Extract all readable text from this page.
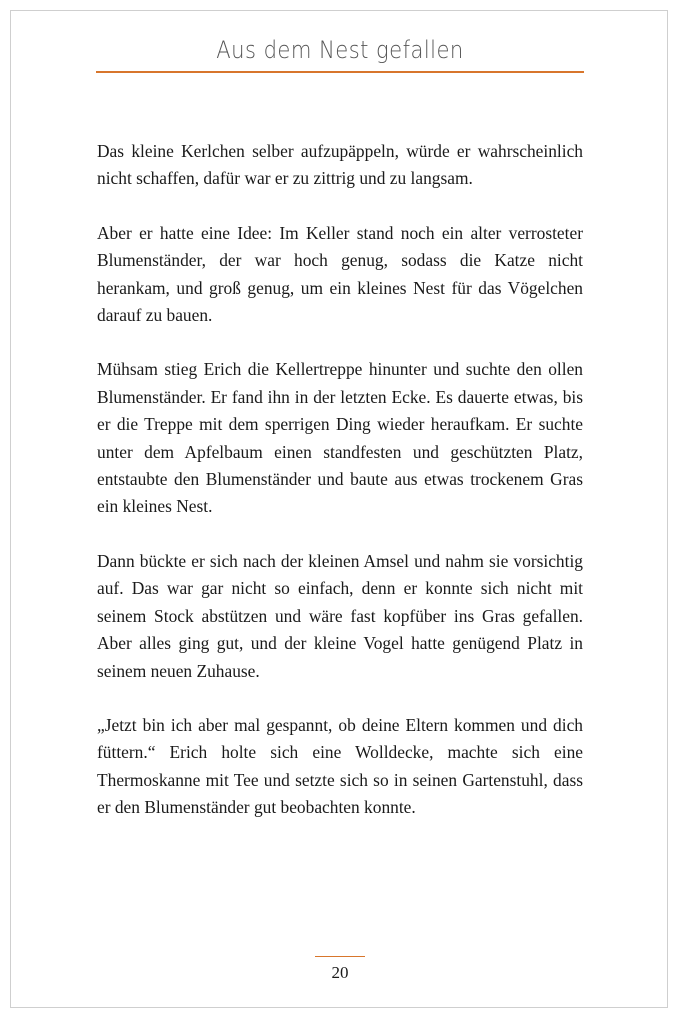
Aus dem Nest gefallen

Das kleine Kerlchen selber aufzupäppeln, würde er wahrscheinlich nicht schaffen, dafür war er zu zittrig und zu langsam.

Aber er hatte eine Idee: Im Keller stand noch ein alter verrosteter Blumenständer, der war hoch genug, sodass die Katze nicht herankam, und groß genug, um ein kleines Nest für das Vögelchen darauf zu bauen.

Mühsam stieg Erich die Kellertreppe hinunter und suchte den ollen Blumenständer. Er fand ihn in der letzten Ecke. Es dauerte etwas, bis er die Treppe mit dem sperrigen Ding wieder heraufkam. Er suchte unter dem Apfelbaum einen standfesten und geschützten Platz, entstaubte den Blumenständer und baute aus etwas trockenem Gras ein kleines Nest.

Dann bückte er sich nach der kleinen Amsel und nahm sie vorsichtig auf. Das war gar nicht so einfach, denn er konnte sich nicht mit seinem Stock abstützen und wäre fast kopfüber ins Gras gefallen. Aber alles ging gut, und der kleine Vogel hatte genügend Platz in seinem neuen Zuhause.

„Jetzt bin ich aber mal gespannt, ob deine Eltern kommen und dich füttern.“ Erich holte sich eine Wolldecke, machte sich eine Thermoskanne mit Tee und setzte sich so in seinen Gartenstuhl, dass er den Blumenständer gut beobachten konnte.

20
